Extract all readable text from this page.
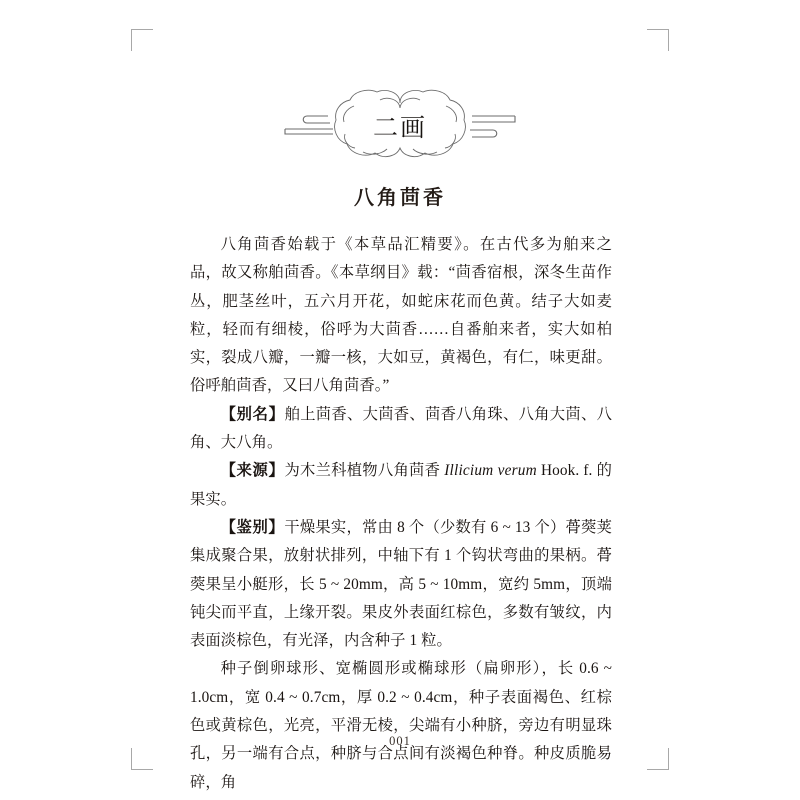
二画
八角茴香

八角茴香始载于《本草品汇精要》。在古代多为舶来之品，故又称舶茴香。《本草纲目》载：“茴香宿根，深冬生苗作丛，肥茎丝叶，五六月开花，如蛇床花而色黄。结子大如麦粒，轻而有细棱，俗呼为大茴香……自番舶来者，实大如柏实，裂成八瓣，一瓣一核，大如豆，黄褐色，有仁，味更甜。俗呼舶茴香，又曰八角茴香。”

【别名】舶上茴香、大茴香、茴香八角珠、八角大茴、八角、大八角。

【来源】为木兰科植物八角茴香 Illicium verum Hook. f. 的果实。

【鉴别】干燥果实，常由 8 个（少数有 6 ~ 13 个）蓇葖荚集成聚合果，放射状排列，中轴下有 1 个钩状弯曲的果柄。蓇葖果呈小艇形，长 5 ~ 20mm，高 5 ~ 10mm，宽约 5mm，顶端钝尖而平直，上缘开裂。果皮外表面红棕色，多数有皱纹，内表面淡棕色，有光泽，内含种子 1 粒。

种子倒卵球形、宽椭圆形或椭球形（扁卵形），长 0.6 ~ 1.0cm，宽 0.4 ~ 0.7cm，厚 0.2 ~ 0.4cm，种子表面褐色、红棕色或黄棕色，光亮，平滑无棱，尖端有小种脐，旁边有明显珠孔，另一端有合点，种脐与合点间有淡褐色种脊。种皮质脆易碎，角

001
